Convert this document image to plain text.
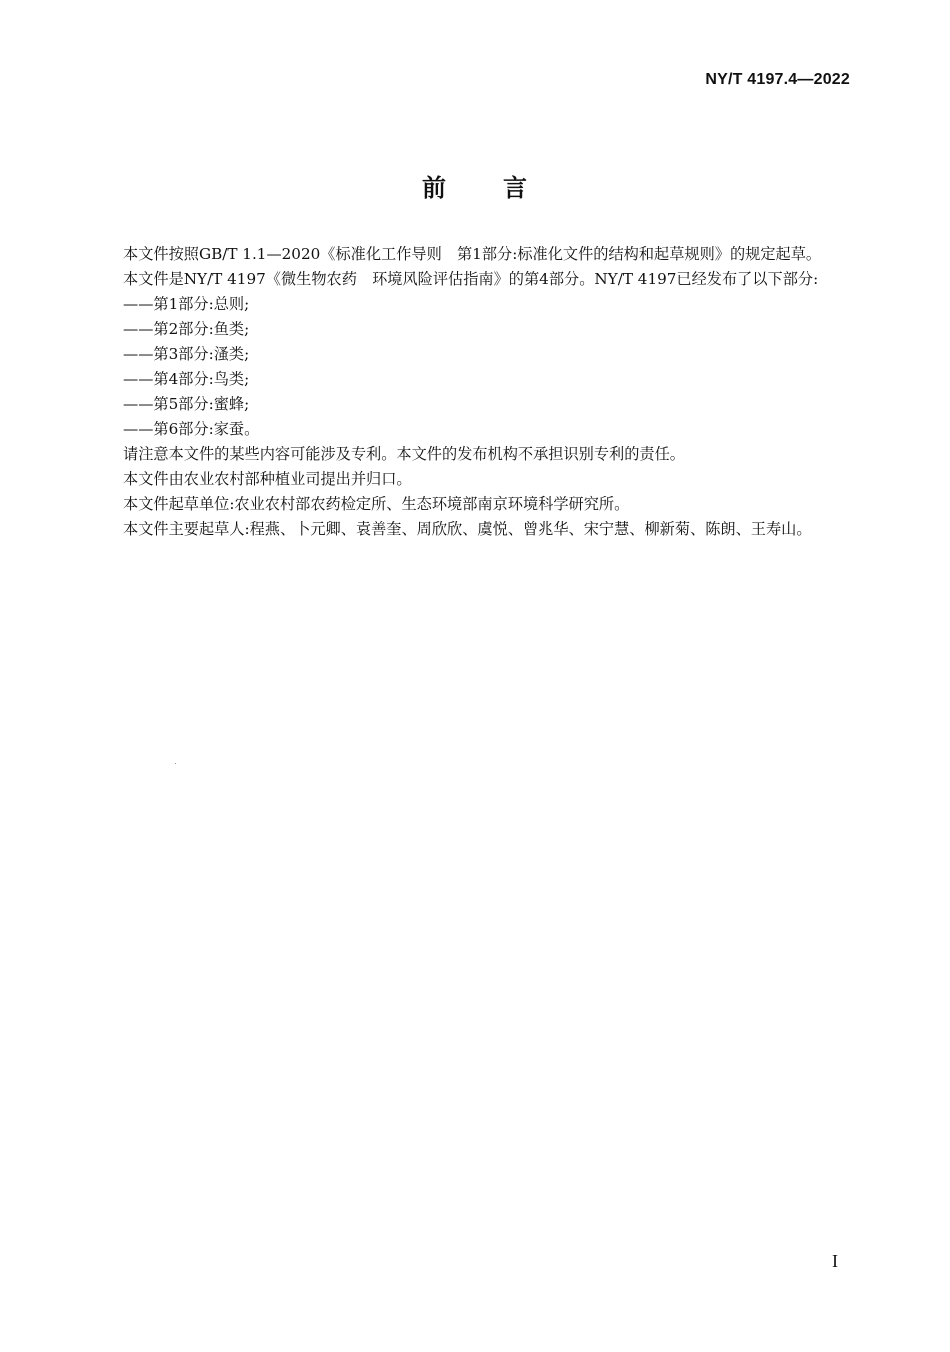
NY/T 4197.4—2022
前 言

本文件按照GB/T 1.1—2020《标准化工作导则　第1部分:标准化文件的结构和起草规则》的规定起草。

本文件是NY/T 4197《微生物农药　环境风险评估指南》的第4部分。NY/T 4197已经发布了以下部分:

——第1部分:总则;

——第2部分:鱼类;

——第3部分:溞类;

——第4部分:鸟类;

——第5部分:蜜蜂;

——第6部分:家蚕。

请注意本文件的某些内容可能涉及专利。本文件的发布机构不承担识别专利的责任。

本文件由农业农村部种植业司提出并归口。

本文件起草单位:农业农村部农药检定所、生态环境部南京环境科学研究所。

本文件主要起草人:程燕、卜元卿、袁善奎、周欣欣、虞悦、曾兆华、宋宁慧、柳新菊、陈朗、王寿山。

I
